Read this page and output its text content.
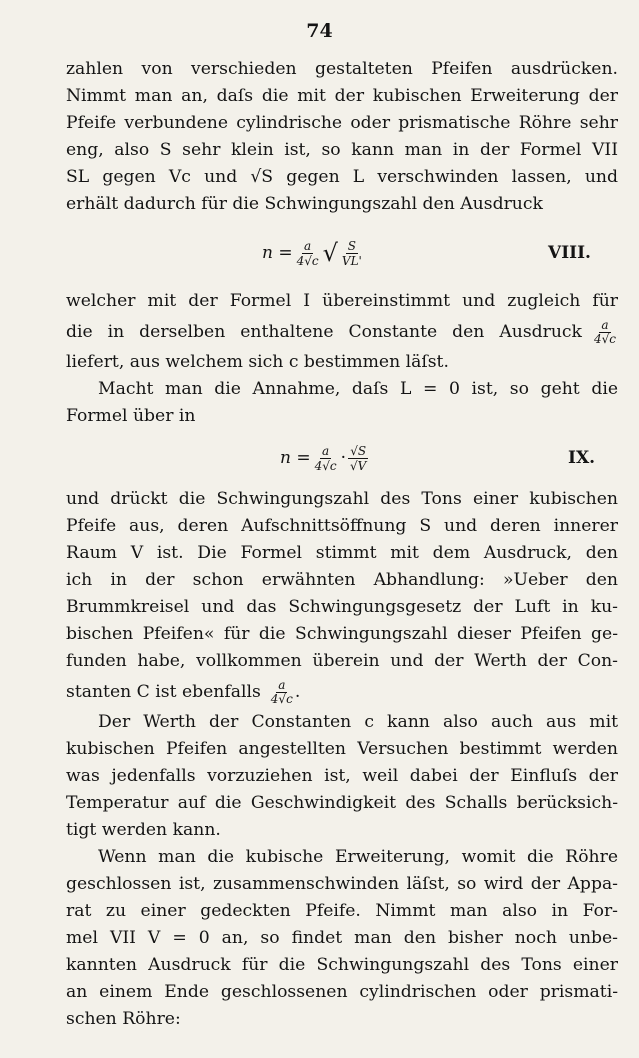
74
zahlen von verschieden gestalteten Pfeifen ausdrücken.
Nimmt man an, daſs die mit der kubischen Erweiterung der
Pfeife verbundene cylindrische oder prismatische Röhre sehr
eng, also S sehr klein ist, so kann man in der Formel VII
SL gegen Vc und √S gegen L verschwinden lassen, und
erhält dadurch für die Schwingungszahl den Ausdruck
$n = \frac{a}{4√c}$ √ $\frac{S}{VL'}$	VIII.
welcher mit der Formel I übereinstimmt und zugleich für
die in derselben enthaltene Constante den Ausdruck $\frac{a}{4√c}$
liefert, aus welchem sich c bestimmen läſst.
Macht man die Annahme, daſs L = 0 ist, so geht die
Formel über in
$n = \frac{a}{4√c} \cdot \frac{√S}{√V}$	IX.
und drückt die Schwingungszahl des Tons einer kubischen
Pfeife aus, deren Aufschnittsöffnung S und deren innerer
Raum V ist. Die Formel stimmt mit dem Ausdruck, den
ich in der schon erwähnten Abhandlung: »Ueber den
Brummkreisel und das Schwingungsgesetz der Luft in ku-
bischen Pfeifen« für die Schwingungszahl dieser Pfeifen ge-
funden habe, vollkommen überein und der Werth der Con-
stanten C ist ebenfalls $\frac{a}{4√c}$ .
Der Werth der Constanten c kann also auch aus mit
kubischen Pfeifen angestellten Versuchen bestimmt werden
was jedenfalls vorzuziehen ist, weil dabei der Einfluſs der
Temperatur auf die Geschwindigkeit des Schalls berücksich-
tigt werden kann.
Wenn man die kubische Erweiterung, womit die Röhre
geschlossen ist, zusammenschwinden läſst, so wird der Appa-
rat zu einer gedeckten Pfeife. Nimmt man also in For-
mel VII V = 0 an, so findet man den bisher noch unbe-
kannten Ausdruck für die Schwingungszahl des Tons einer
an einem Ende geschlossenen cylindrischen oder prismati-
schen Röhre:
